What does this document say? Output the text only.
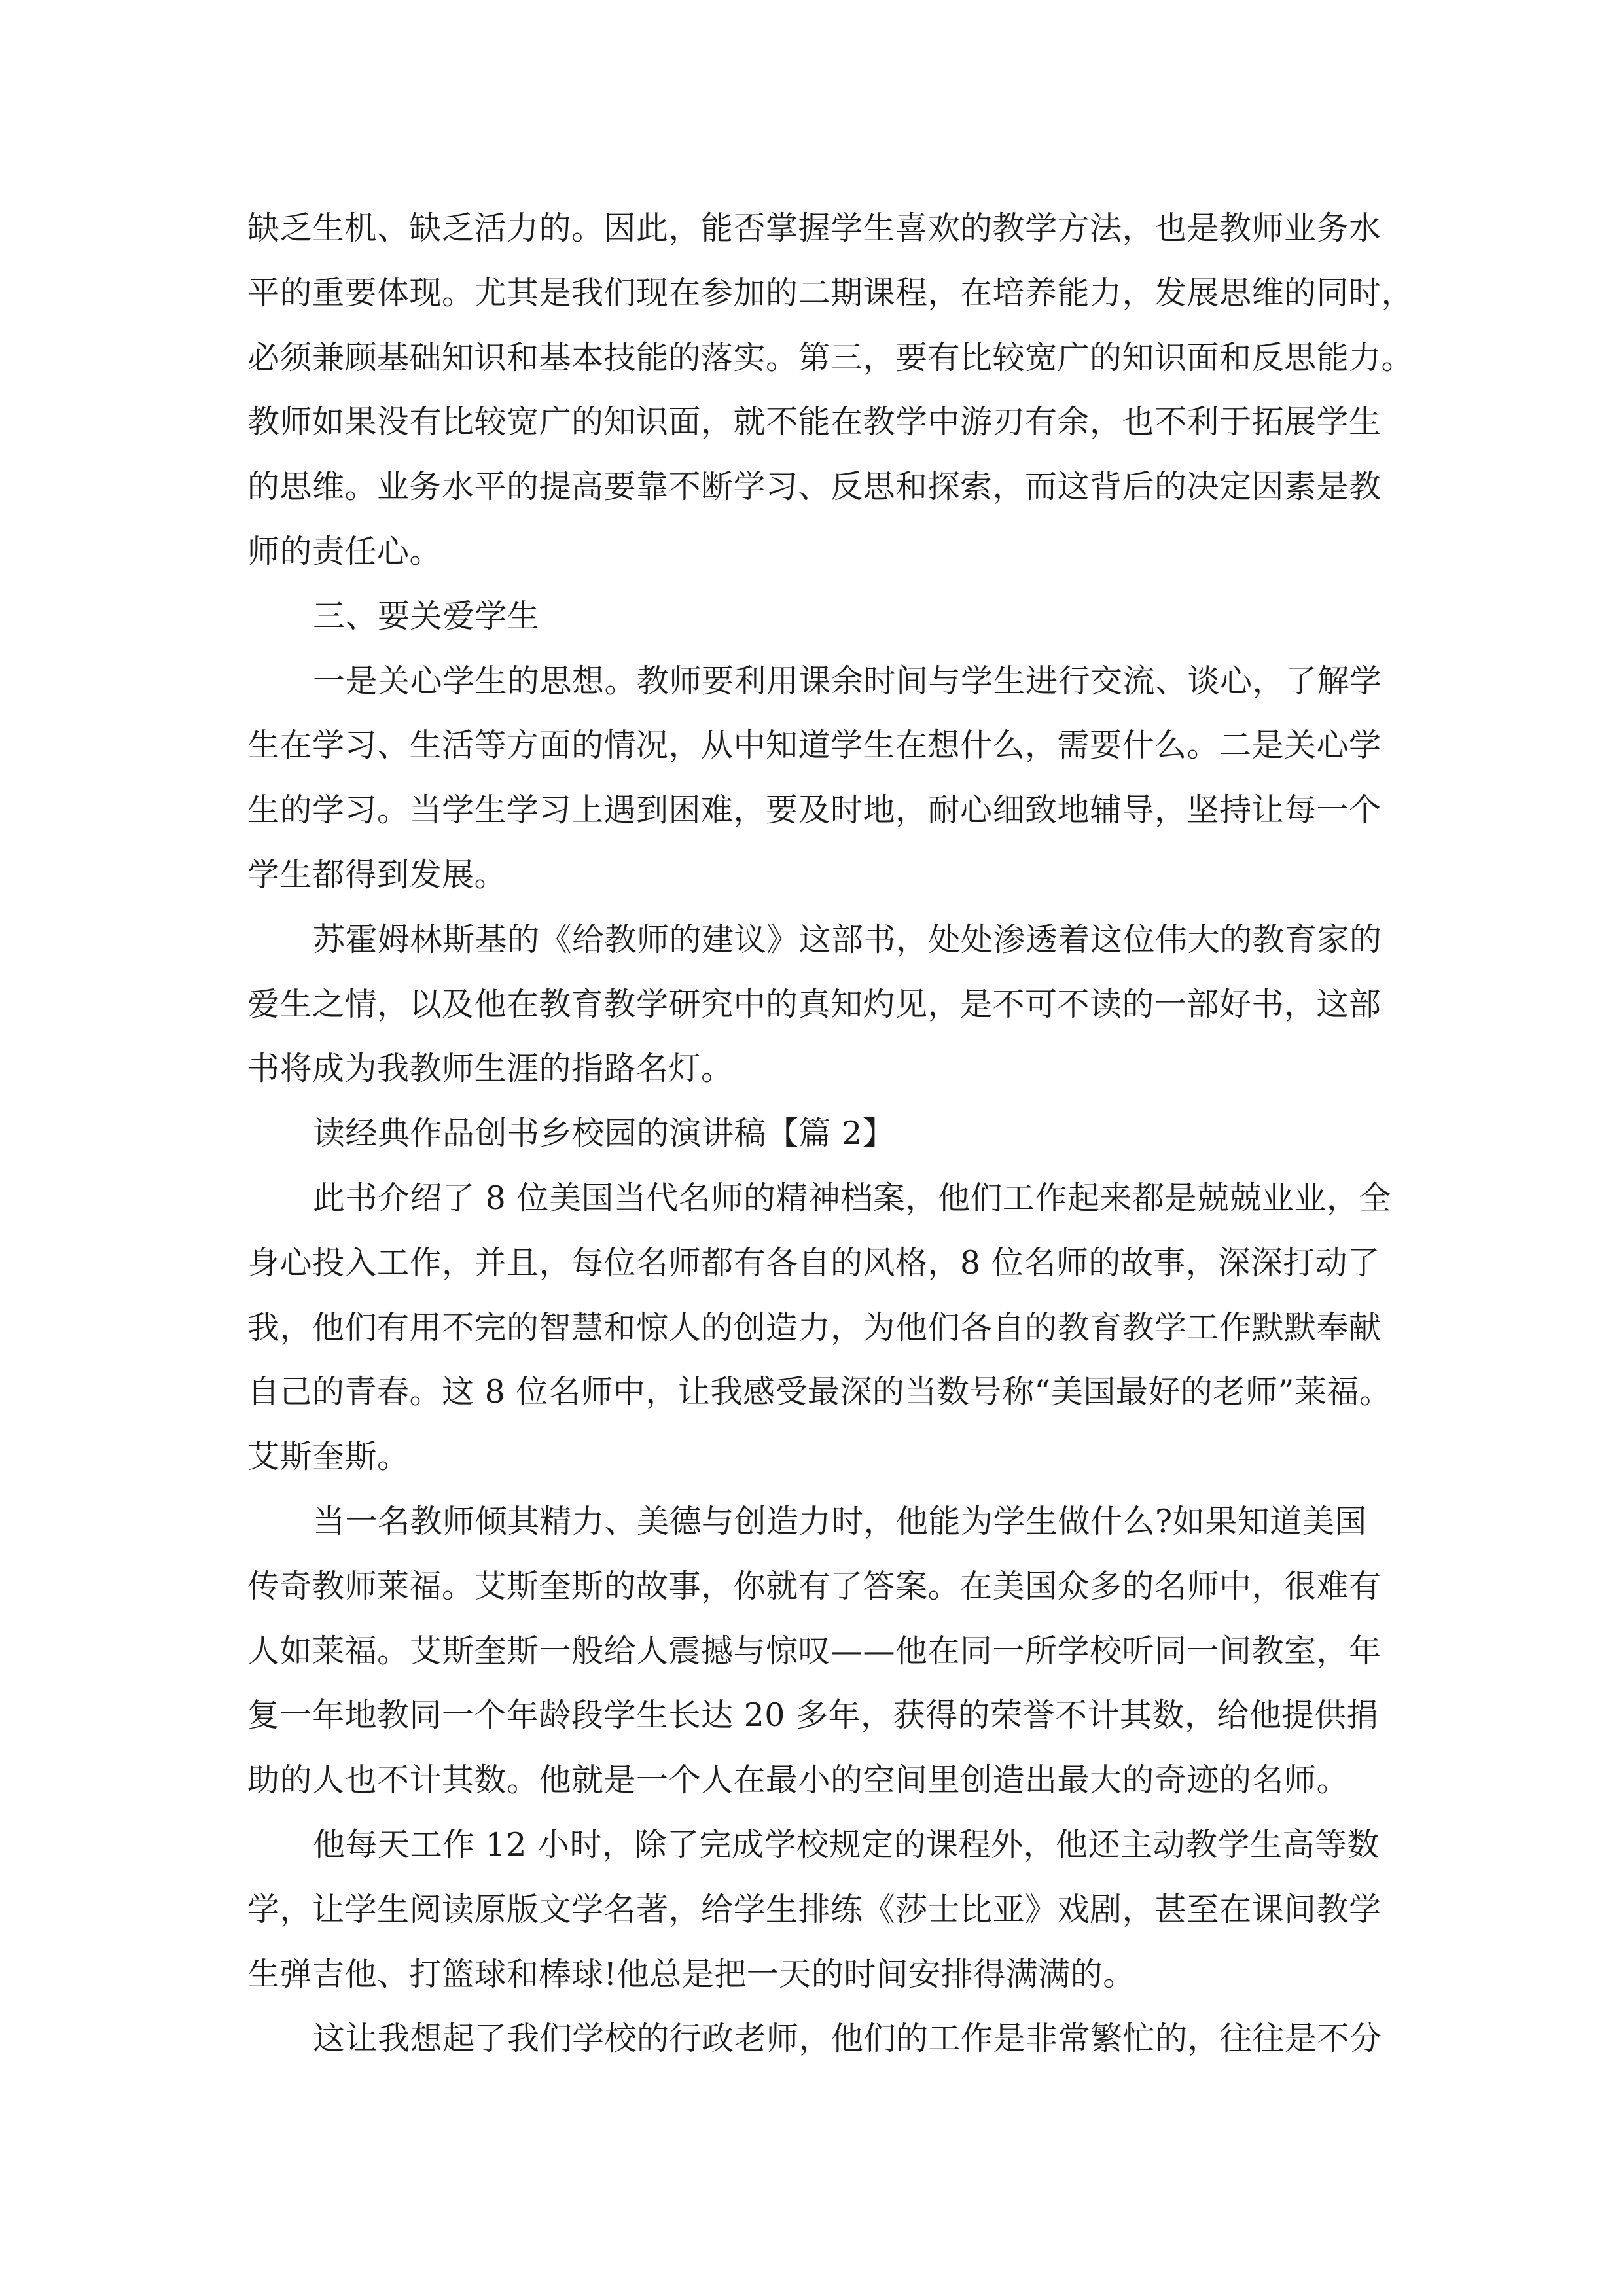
缺乏生机、缺乏活力的。因此，能否掌握学生喜欢的教学方法，也是教师业务水
平的重要体现。尤其是我们现在参加的二期课程，在培养能力，发展思维的同时，
必须兼顾基础知识和基本技能的落实。第三，要有比较宽广的知识面和反思能力。
教师如果没有比较宽广的知识面，就不能在教学中游刃有余，也不利于拓展学生
的思维。业务水平的提高要靠不断学习、反思和探索，而这背后的决定因素是教
师的责任心。
三、要关爱学生
一是关心学生的思想。教师要利用课余时间与学生进行交流、谈心，了解学
生在学习、生活等方面的情况，从中知道学生在想什么，需要什么。二是关心学
生的学习。当学生学习上遇到困难，要及时地，耐心细致地辅导，坚持让每一个
学生都得到发展。
苏霍姆林斯基的《给教师的建议》这部书，处处渗透着这位伟大的教育家的
爱生之情，以及他在教育教学研究中的真知灼见，是不可不读的一部好书，这部
书将成为我教师生涯的指路名灯。
读经典作品创书乡校园的演讲稿【篇 2】
此书介绍了 8 位美国当代名师的精神档案，他们工作起来都是兢兢业业，全
身心投入工作，并且，每位名师都有各自的风格，8 位名师的故事，深深打动了
我，他们有用不完的智慧和惊人的创造力，为他们各自的教育教学工作默默奉献
自己的青春。这 8 位名师中，让我感受最深的当数号称“美国最好的老师”莱福。
艾斯奎斯。
当一名教师倾其精力、美德与创造力时，他能为学生做什么?如果知道美国
传奇教师莱福。艾斯奎斯的故事，你就有了答案。在美国众多的名师中，很难有
人如莱福。艾斯奎斯一般给人震撼与惊叹——他在同一所学校听同一间教室，年
复一年地教同一个年龄段学生长达 20 多年，获得的荣誉不计其数，给他提供捐
助的人也不计其数。他就是一个人在最小的空间里创造出最大的奇迹的名师。
他每天工作 12 小时，除了完成学校规定的课程外，他还主动教学生高等数
学，让学生阅读原版文学名著，给学生排练《莎士比亚》戏剧，甚至在课间教学
生弹吉他、打篮球和棒球!他总是把一天的时间安排得满满的。
这让我想起了我们学校的行政老师，他们的工作是非常繁忙的，往往是不分
